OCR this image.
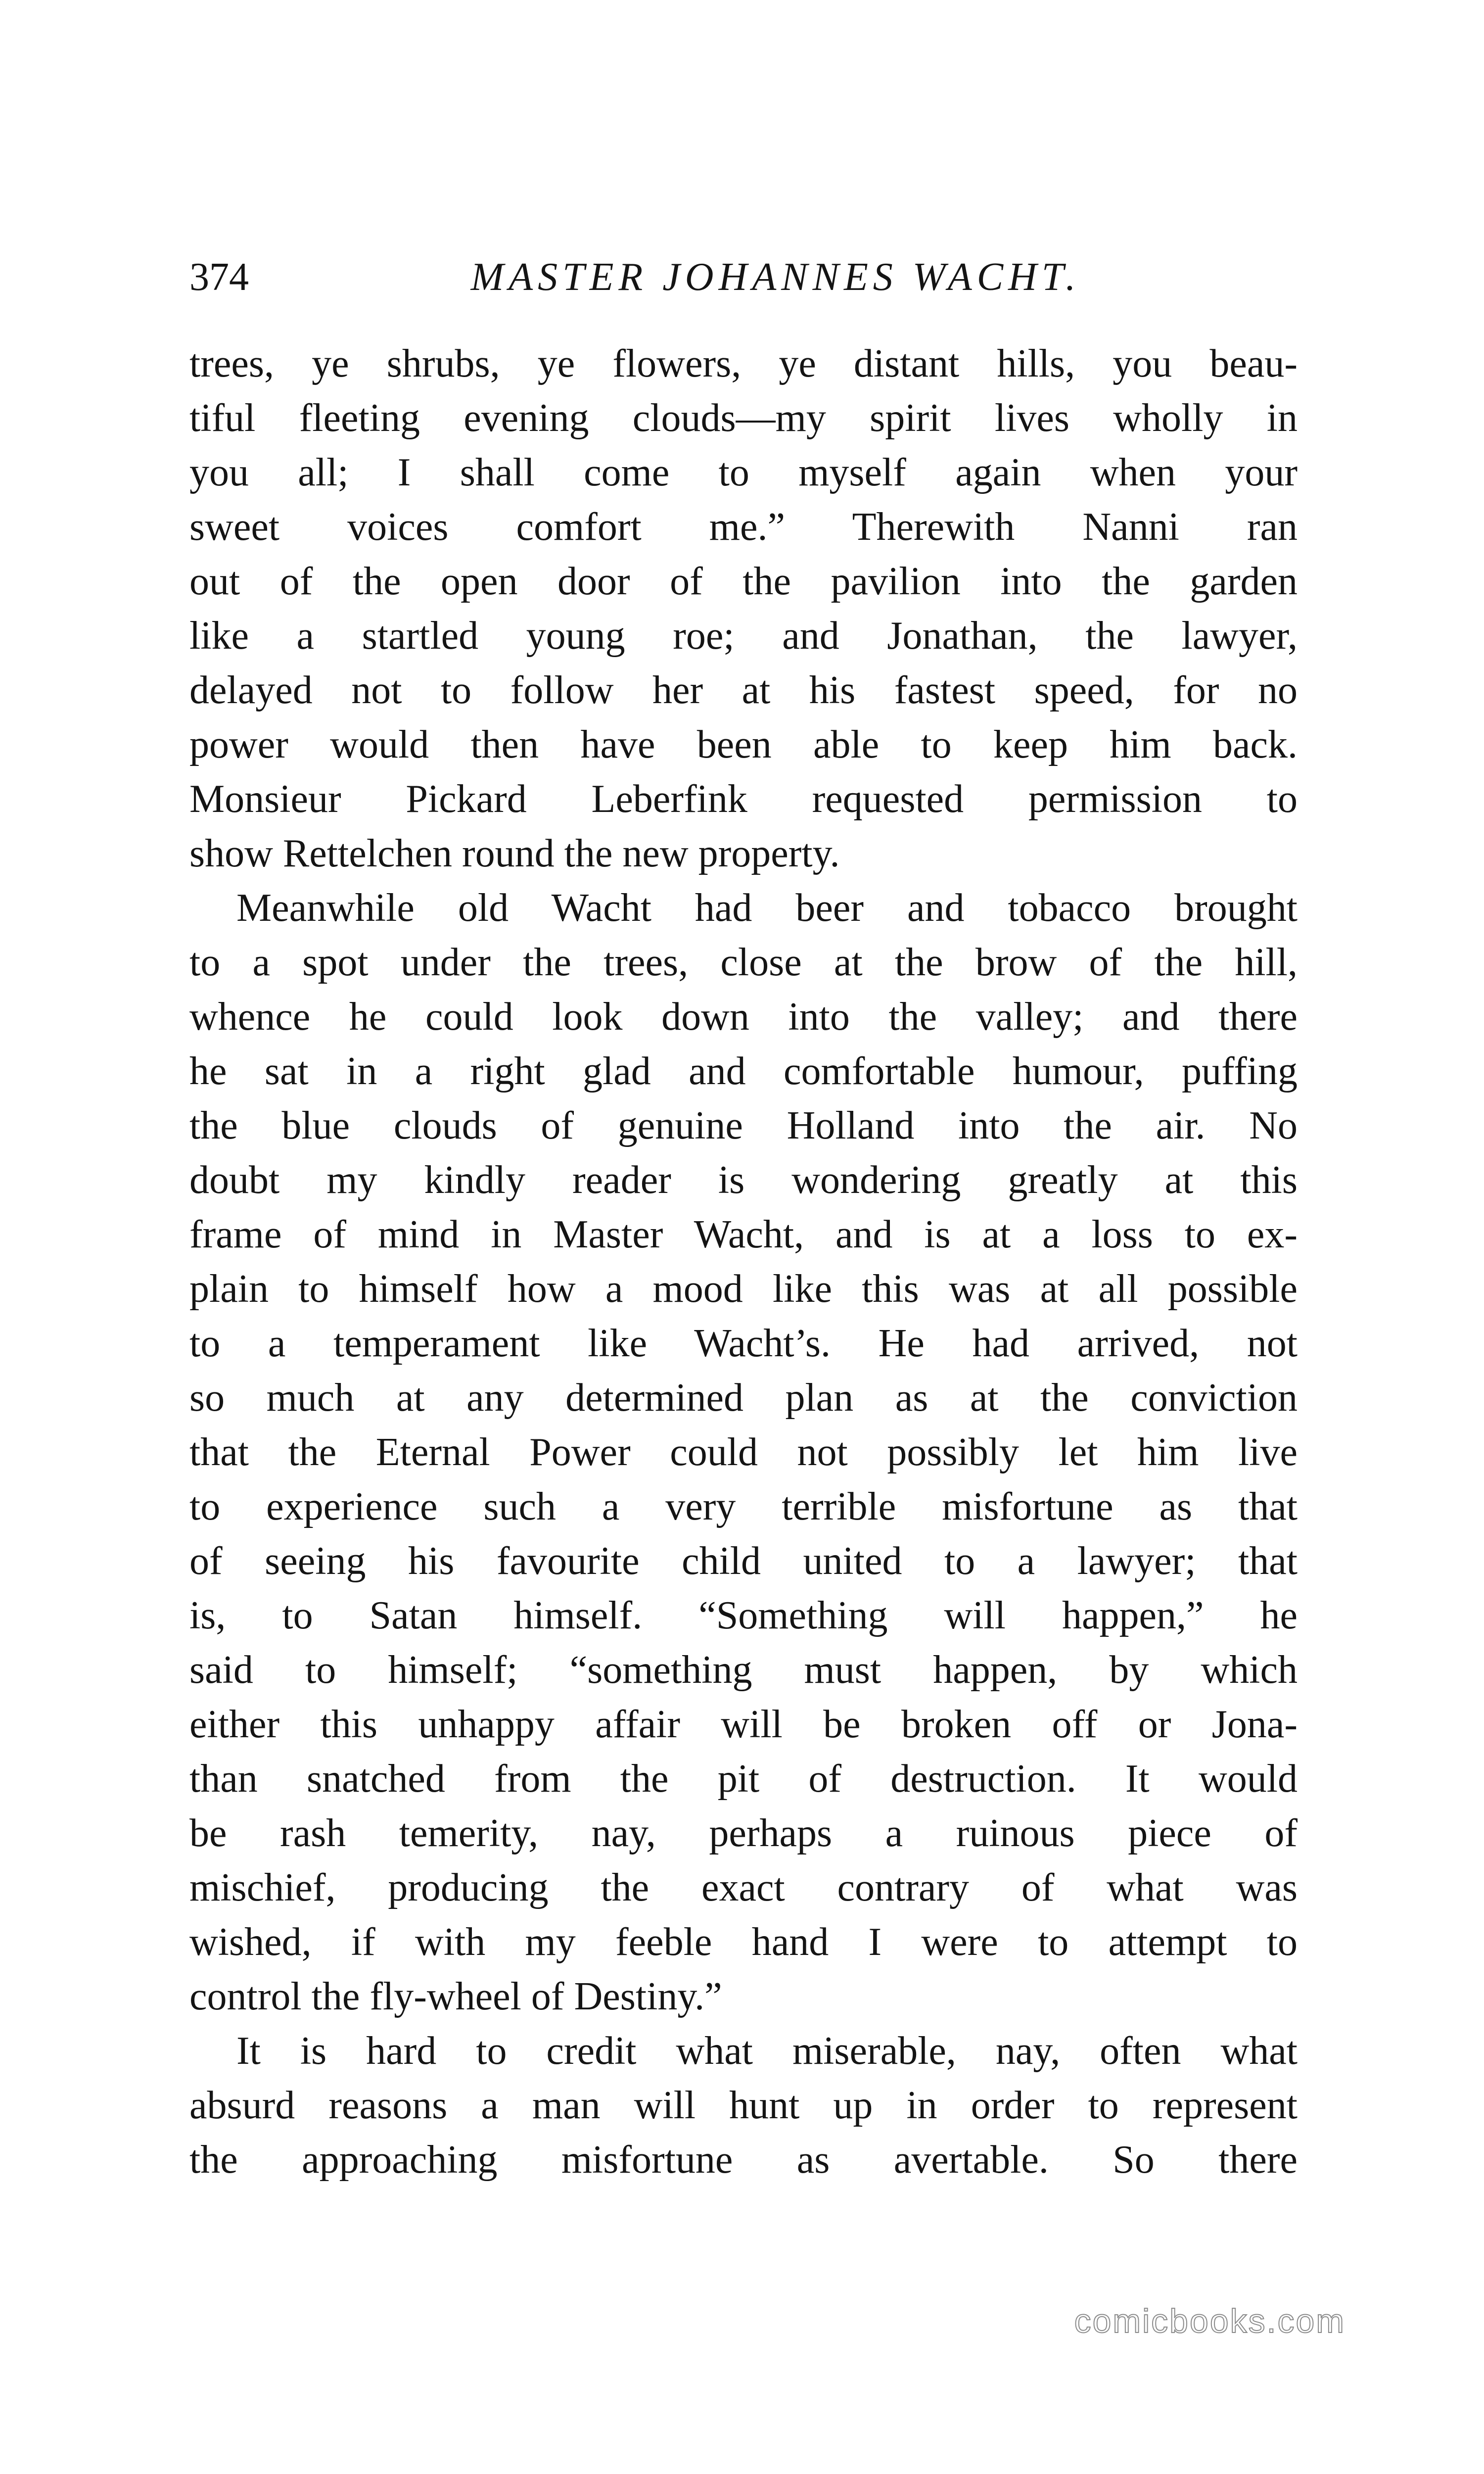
374	MASTER JOHANNES WACHT.
trees, ye shrubs, ye flowers, ye distant hills, you beau-
tiful fleeting evening clouds—my spirit lives wholly in
you all; I shall come to myself again when your
sweet voices comfort me.” Therewith Nanni ran
out of the open door of the pavilion into the garden
like a startled young roe; and Jonathan, the lawyer,
delayed not to follow her at his fastest speed, for no
power would then have been able to keep him back.
Monsieur Pickard Leberfink requested permission to
show Rettelchen round the new property.
Meanwhile old Wacht had beer and tobacco brought
to a spot under the trees, close at the brow of the hill,
whence he could look down into the valley; and there
he sat in a right glad and comfortable humour, puffing
the blue clouds of genuine Holland into the air. No
doubt my kindly reader is wondering greatly at this
frame of mind in Master Wacht, and is at a loss to ex-
plain to himself how a mood like this was at all possible
to a temperament like Wacht’s. He had arrived, not
so much at any determined plan as at the conviction
that the Eternal Power could not possibly let him live
to experience such a very terrible misfortune as that
of seeing his favourite child united to a lawyer; that
is, to Satan himself. “Something will happen,” he
said to himself; “something must happen, by which
either this unhappy affair will be broken off or Jona-
than snatched from the pit of destruction. It would
be rash temerity, nay, perhaps a ruinous piece of
mischief, producing the exact contrary of what was
wished, if with my feeble hand I were to attempt to
control the fly-wheel of Destiny.”
It is hard to credit what miserable, nay, often what
absurd reasons a man will hunt up in order to represent
the approaching misfortune as avertable. So there
comicbooks.com
